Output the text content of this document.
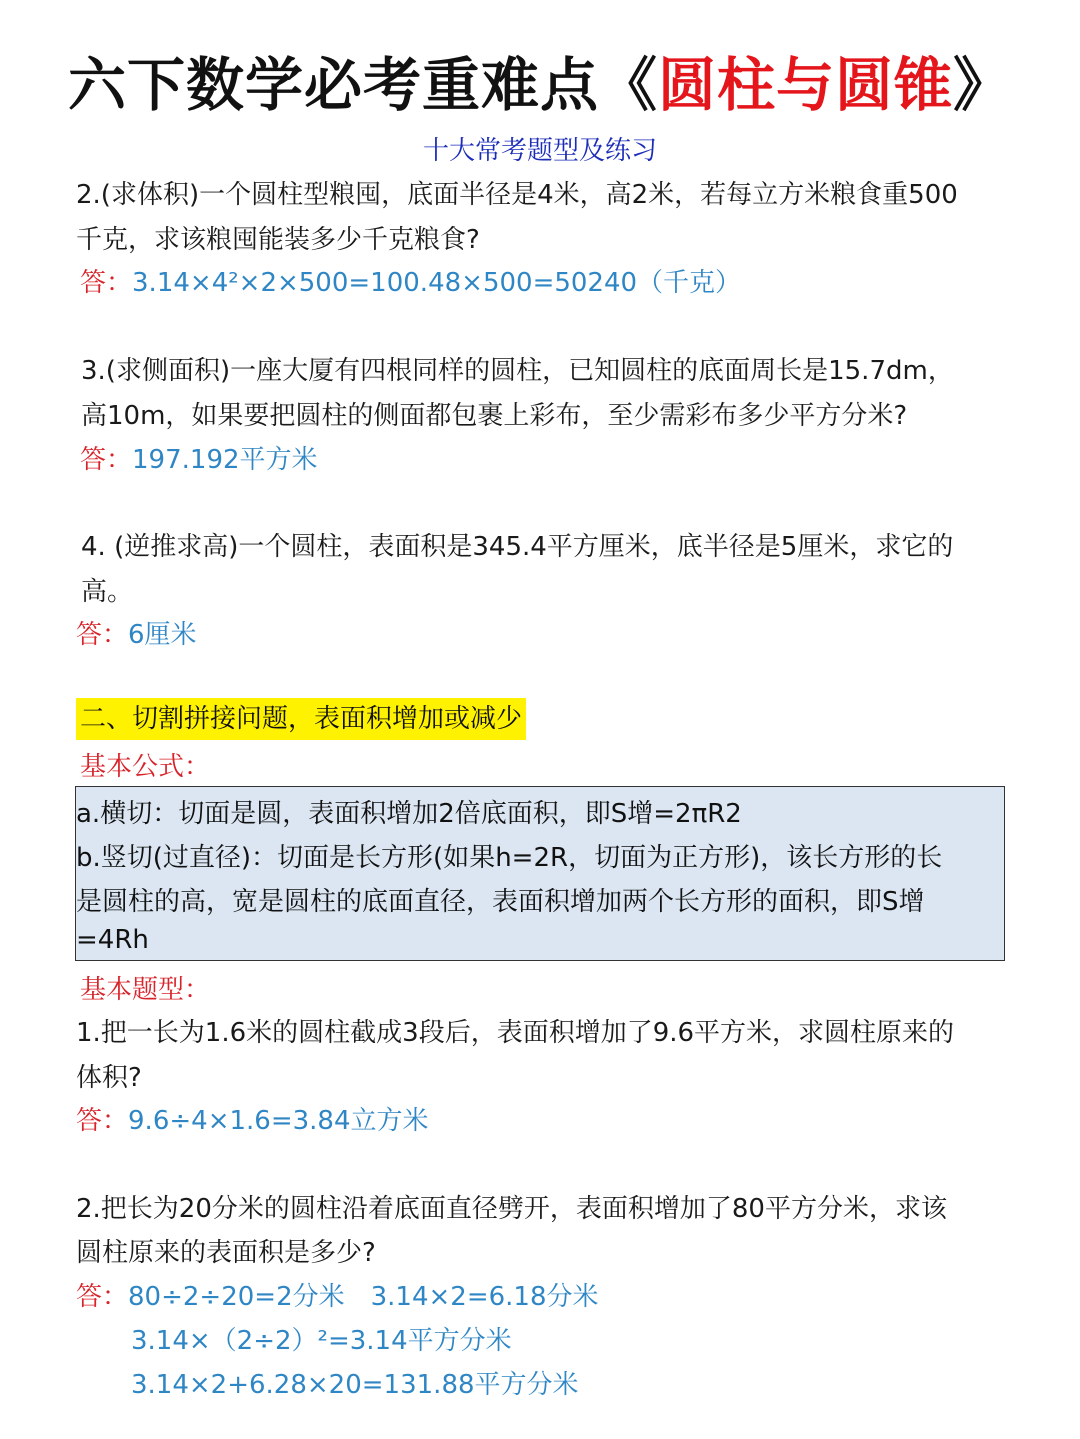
六下数学必考重难点《圆柱与圆锥》
十大常考题型及练习
2.(求体积)一个圆柱型粮囤，底面半径是4米，高2米，若每立方米粮食重500
千克，求该粮囤能装多少千克粮食?
答：3.14×4²×2×500=100.48×500=50240（千克）
3.(求侧面积)一座大厦有四根同样的圆柱，已知圆柱的底面周长是15.7dm，
高10m，如果要把圆柱的侧面都包裹上彩布，至少需彩布多少平方分米?
答：197.192平方米
4. (逆推求高)一个圆柱，表面积是345.4平方厘米，底半径是5厘米，求它的
高。
答：6厘米
二、切割拼接问题，表面积增加或减少
基本公式：
a.横切：切面是圆，表面积增加2倍底面积，即S增=2πR2
b.竖切(过直径)：切面是长方形(如果h=2R，切面为正方形)，该长方形的长
是圆柱的高，宽是圆柱的底面直径，表面积增加两个长方形的面积，即S增
=4Rh
基本题型：
1.把一长为1.6米的圆柱截成3段后，表面积增加了9.6平方米，求圆柱原来的
体积?
答：9.6÷4×1.6=3.84立方米
2.把长为20分米的圆柱沿着底面直径劈开，表面积增加了80平方分米，求该
圆柱原来的表面积是多少?
答：80÷2÷20=2分米　3.14×2=6.18分米
3.14×（2÷2）²=3.14平方分米
3.14×2+6.28×20=131.88平方分米
